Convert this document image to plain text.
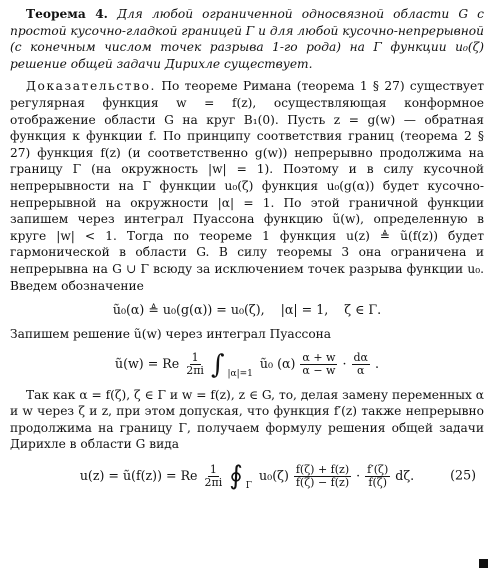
Теорема 4. Для любой ограниченной односвязной области G с простой кусочно-гладкой границей Γ и для любой кусочно-непрерывной (с конечным числом точек разрыва 1-го рода) на Γ функции u₀(ζ) решение общей задачи Дирихле существует.

Доказательство. По теореме Римана (теорема 1 § 27) существует регулярная функция w = f(z), осуществляющая конформное отображение области G на круг B₁(0). Пусть z = g(w) — обратная функция к функции f. По принципу соответствия границ (теорема 2 § 27) функция f(z) (и соответственно g(w)) непрерывно продолжима на границу Γ (на окружность |w| = 1). Поэтому и в силу кусочной непрерывности на Γ функции u₀(ζ) функция u₀(g(α)) будет кусочно-непрерывной на окружности |α| = 1. По этой граничной функции запишем через интеграл Пуассона функцию ũ(w), определенную в круге |w| < 1. Тогда по теореме 1 функция u(z) ≜ ũ(f(z)) будет гармонической в области G. В силу теоремы 3 она ограничена и непрерывна на G ∪ Γ всюду за исключением точек разрыва функции u₀. Введем обозначение

ũ₀(α) ≜ u₀(g(α)) = u₀(ζ),    |α| = 1,    ζ ∈ Γ.

Запишем решение ũ(w) через интеграл Пуассона

ũ(w) = Re $\frac{1}{2\pi i}$ ∫ |α|=1
ũ₀ $(\alpha) \frac{\alpha + w}{\alpha - w} \cdot \frac{d\alpha}{\alpha}$ .

Так как α = f(ζ), ζ ∈ Γ и w = f(z), z ∈ G, то, делая замену переменных α и w через ζ и z, при этом допуская, что функция f′(z) также непрерывно продолжима на границу Γ, получаем формулу решения общей задачи Дирихле в области G вида

u(z) = ũ(f(z)) = Re $\frac{1}{2\pi i}$ ∮ Γ
$u_0(\zeta) \frac{f(\zeta) + f(z)}{f(\zeta) - f(z)} \cdot \frac{f'(\zeta)}{f(\zeta)} d\zeta$.	(25)
